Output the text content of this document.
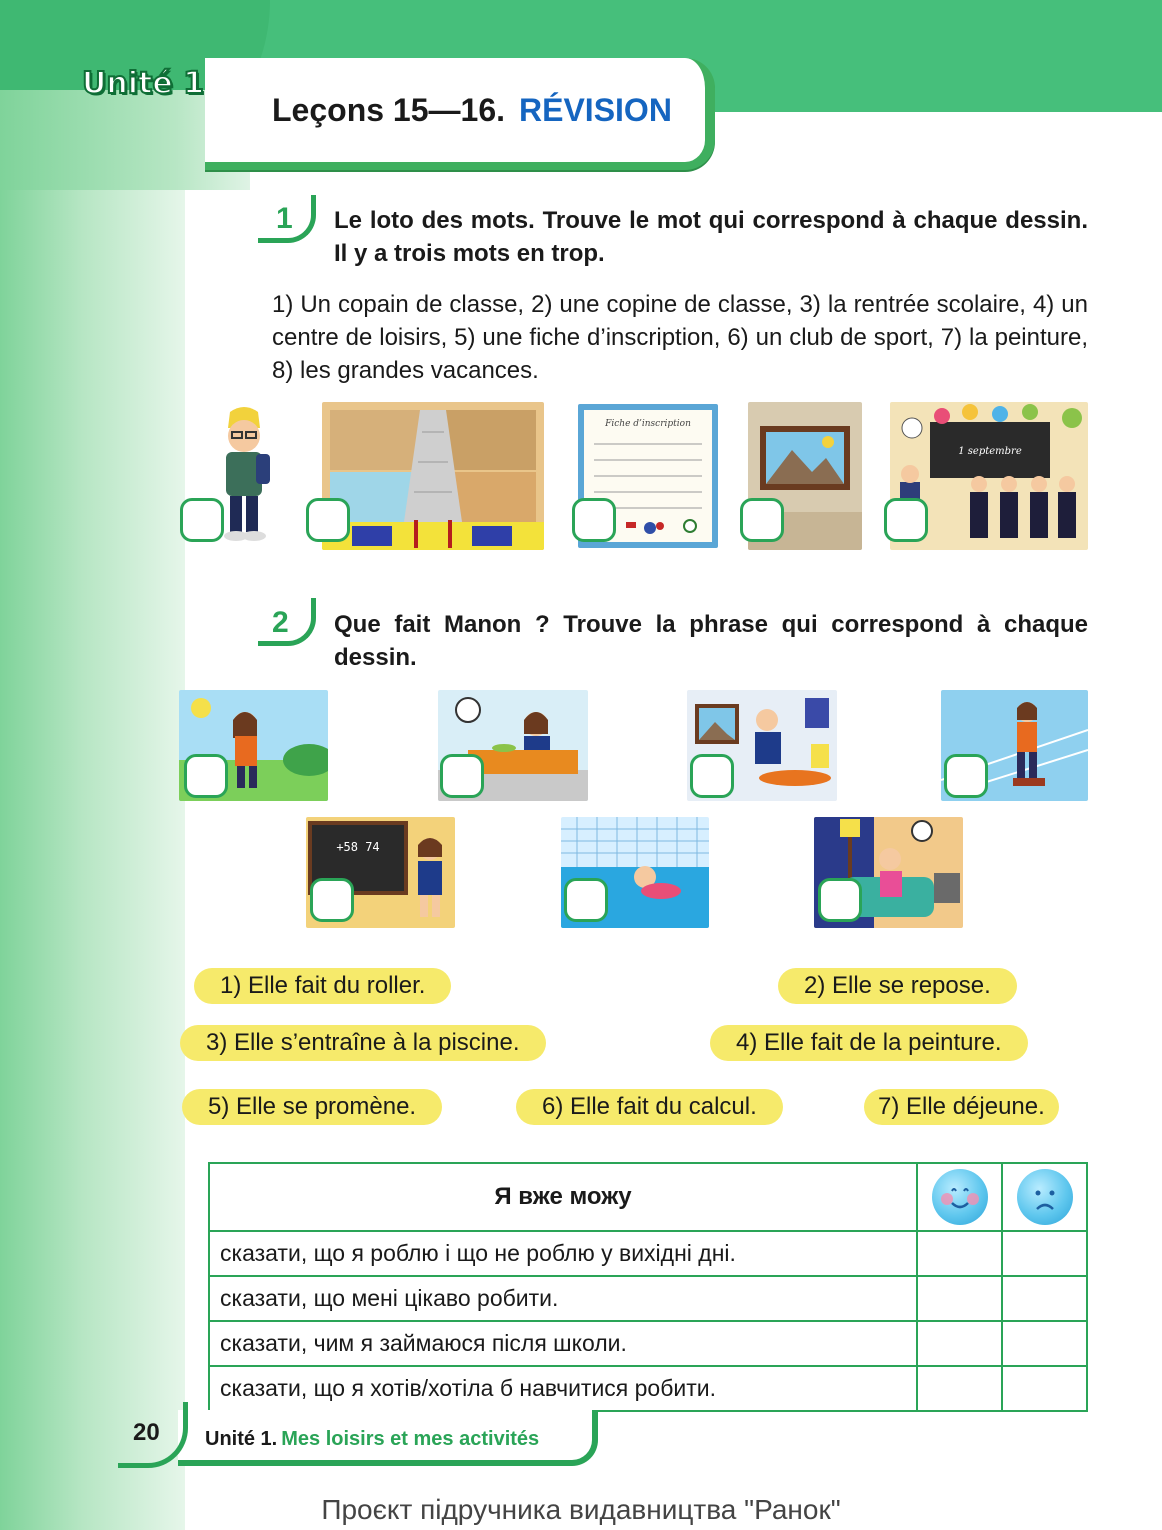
Unité 1
Leçons 15—16. RÉVISION
1 Le loto des mots. Trouve le mot qui correspond à chaque dessin. Il y a trois mots en trop.
1) Un copain de classe, 2) une copine de classe, 3) la rentrée scolaire, 4) un centre de loisirs, 5) une fiche d’inscription, 6) un club de sport, 7) la peinture, 8) les grandes vacances.
Fiche d’inscription
1 septembre
2 Que fait Manon ? Trouve la phrase qui correspond à chaque dessin.
+58 74
1) Elle fait du roller.	2) Elle se repose.
3) Elle s’entraîne à la piscine.	4) Elle fait de la peinture.
5) Elle se promène.	6) Elle fait du calcul.	7) Elle déjeune.
Я вже можу	

сказати, що я роблю і що не роблю у вихідні дні.		
сказати, що мені цікаво робити.		
сказати, чим я займаюся після школи.		
сказати, що я хотів/хотіла б навчитися робити.		
20 Unité 1. Mes loisirs et mes activités
Проєкт підручника видавництва "Ранок"
